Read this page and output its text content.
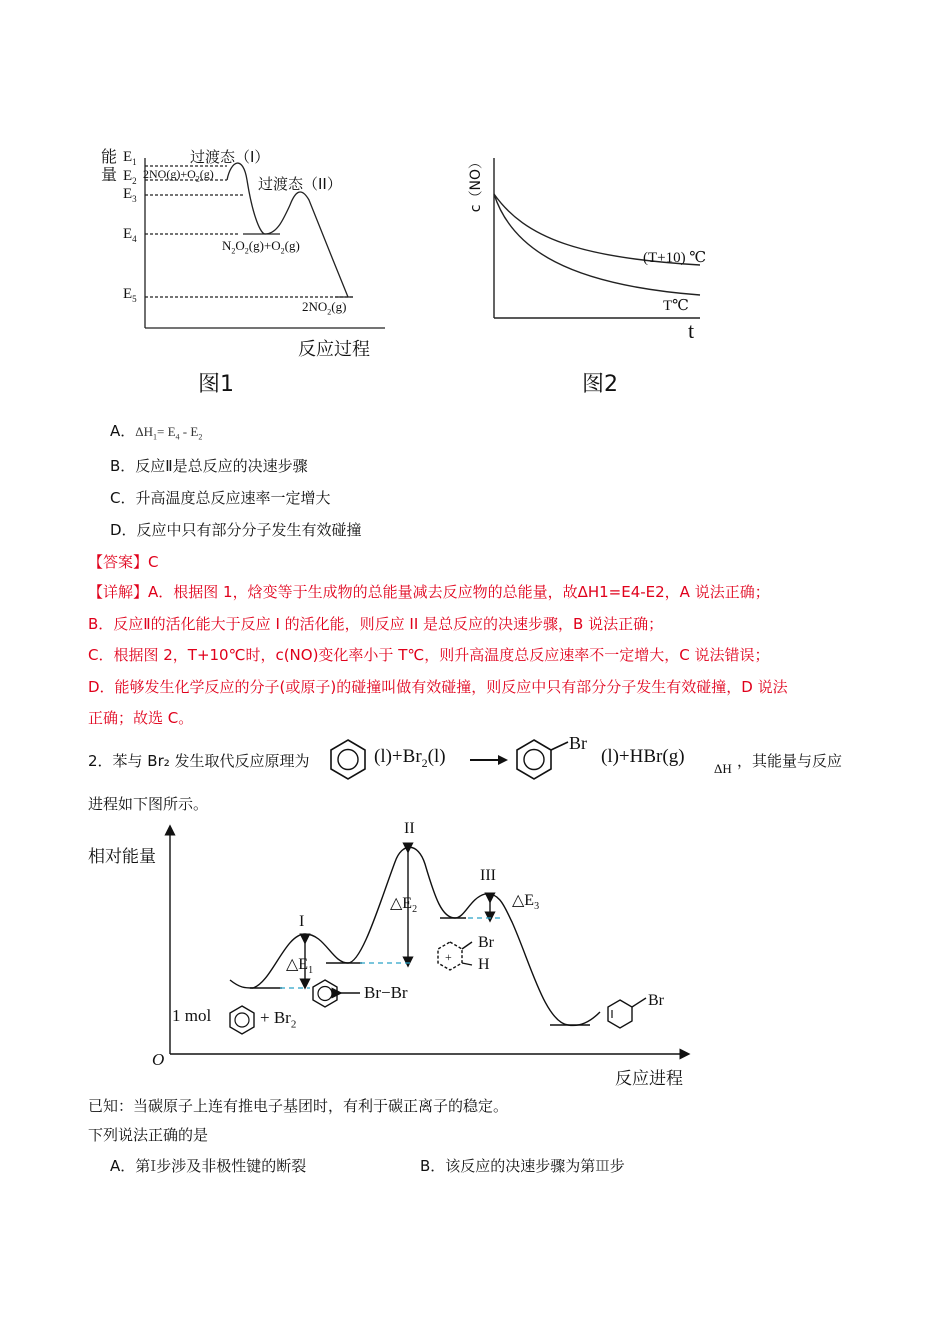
能量
$E_1$
$E_2$
$E_3$
$E_4$
$E_5$
过渡态（I）
过渡态（II）
$2NO(g)+O_2(g)$
$N_2O_2(g)+O_2(g)$
$2NO_2(g)$
反应过程
图1
c（NO）
(T+10) ℃
T℃
t
图2
A．$\Delta H_1= E_4 - E_2$
B．反应Ⅱ是总反应的决速步骤
C．升高温度总反应速率一定增大
D．反应中只有部分分子发生有效碰撞
【答案】C
【详解】A．根据图 1，焓变等于生成物的总能量减去反应物的总能量，故ΔH1=E4-E2，A 说法正确；
B．反应Ⅱ的活化能大于反应 I 的活化能，则反应 II 是总反应的决速步骤，B 说法正确；
C．根据图 2，T+10℃时，c(NO)变化率小于 T℃，则升高温度总反应速率不一定增大，C 说法错误；
D．能够发生化学反应的分子(或原子)的碰撞叫做有效碰撞，则反应中只有部分分子发生有效碰撞，D 说法
正确；故选 C。
2．苯与 Br₂ 发生取代反应原理为	$(l)+Br_2(l)$ →
Br
(l)+HBr(g)
ΔH ，其能量与反应
进程如下图所示。
+
相对能量
O
反应进程
I
II
III
$\triangle E_1$
$\triangle E_2$
$\triangle E_3$
1 mol	+ $Br_2$
Br−Br
Br
H
Br
已知：当碳原子上连有推电子基团时，有利于碳正离子的稳定。
下列说法正确的是
A．第Ⅰ步涉及非极性键的断裂	B．该反应的决速步骤为第Ⅲ步
